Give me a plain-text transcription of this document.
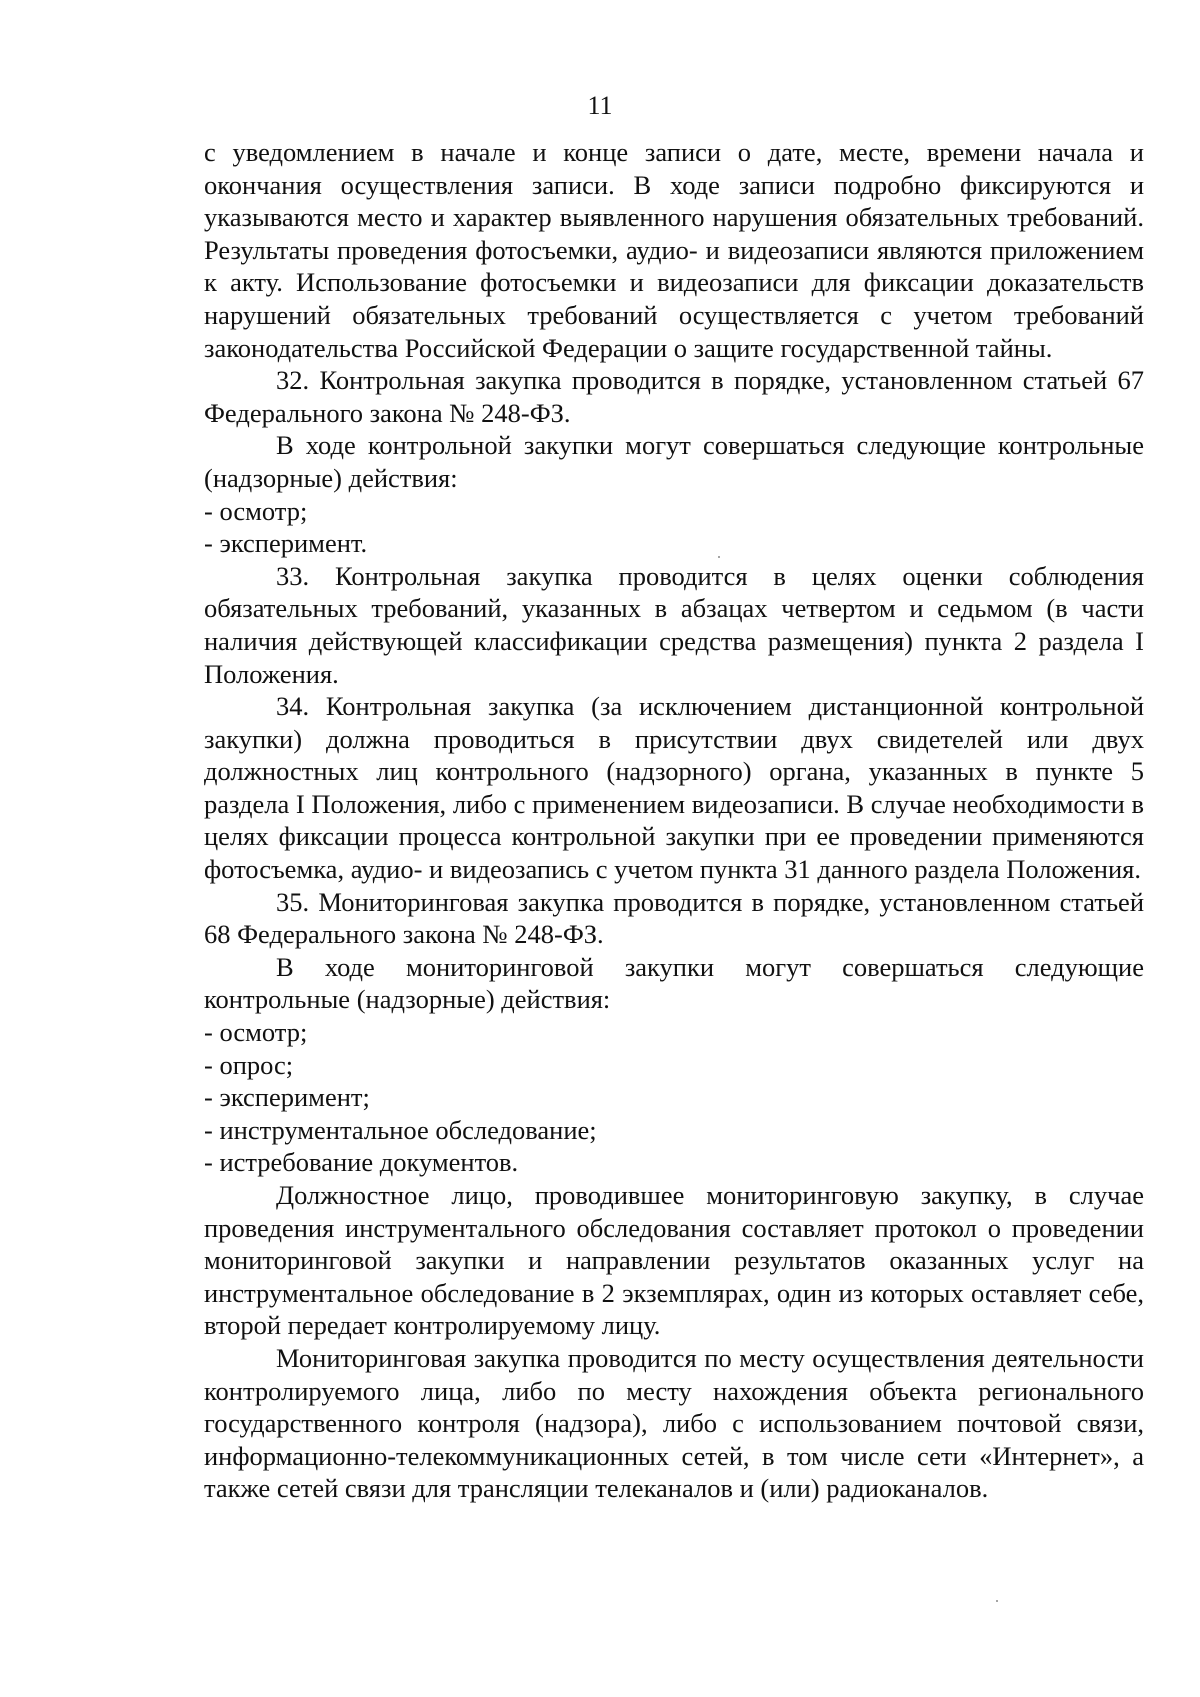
11

с уведомлением в начале и конце записи о дате, месте, времени начала и окончания осуществления записи. В ходе записи подробно фиксируются и указываются место и характер выявленного нарушения обязательных требований. Результаты проведения фотосъемки, аудио- и видеозаписи являются приложением к акту. Использование фотосъемки и видеозаписи для фиксации доказательств нарушений обязательных требований осуществляется с учетом требований законодательства Российской Федерации о защите государственной тайны.

32. Контрольная закупка проводится в порядке, установленном статьей 67 Федерального закона № 248-ФЗ.

В ходе контрольной закупки могут совершаться следующие контрольные (надзорные) действия:

- осмотр;

- эксперимент.

33. Контрольная закупка проводится в целях оценки соблюдения обязательных требований, указанных в абзацах четвертом и седьмом (в части наличия действующей классификации средства размещения) пункта 2 раздела I Положения.

34. Контрольная закупка (за исключением дистанционной контрольной закупки) должна проводиться в присутствии двух свидетелей или двух должностных лиц контрольного (надзорного) органа, указанных в пункте 5 раздела I Положения, либо с применением видеозаписи. В случае необходимости в целях фиксации процесса контрольной закупки при ее проведении применяются фотосъемка, аудио- и видеозапись с учетом пункта 31 данного раздела Положения.

35. Мониторинговая закупка проводится в порядке, установленном статьей 68 Федерального закона № 248-ФЗ.

В ходе мониторинговой закупки могут совершаться следующие контрольные (надзорные) действия:

- осмотр;

- опрос;

- эксперимент;

- инструментальное обследование;

- истребование документов.

Должностное лицо, проводившее мониторинговую закупку, в случае проведения инструментального обследования составляет протокол о проведении мониторинговой закупки и направлении результатов оказанных услуг на инструментальное обследование в 2 экземплярах, один из которых оставляет себе, второй передает контролируемому лицу.

Мониторинговая закупка проводится по месту осуществления деятельности контролируемого лица, либо по месту нахождения объекта регионального государственного контроля (надзора), либо с использованием почтовой связи, информационно-телекоммуникационных сетей, в том числе сети «Интернет», а также сетей связи для трансляции телеканалов и (или) радиоканалов.
